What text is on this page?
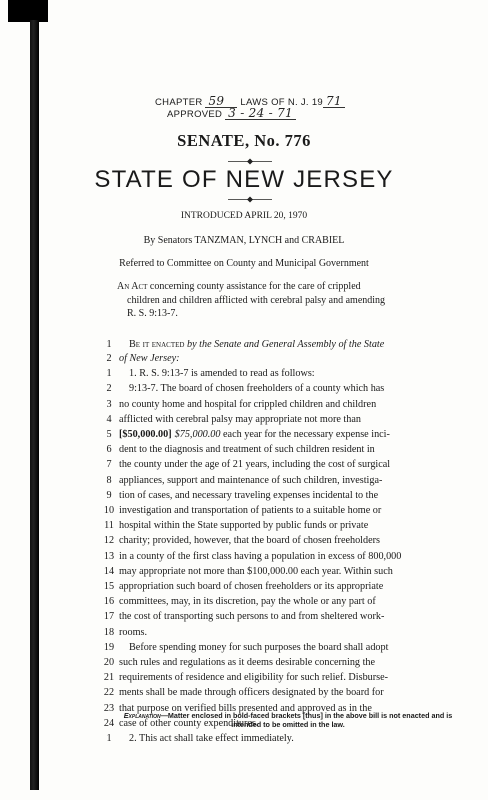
CHAPTER 59 LAWS OF N. J. 19 71
APPROVED 3 - 24 - 71
SENATE, No. 776
STATE OF NEW JERSEY
INTRODUCED APRIL 20, 1970
By Senators TANZMAN, LYNCH and CRABIEL
Referred to Committee on County and Municipal Government
An Act concerning county assistance for the care of crippled
children and children afflicted with cerebral palsy and amending
R. S. 9:13-7.
1	Be it enacted by the Senate and General Assembly of the State
2 of New Jersey:
1	1. R. S. 9:13-7 is amended to read as follows:
2	9:13-7. The board of chosen freeholders of a county which has
3 no county home and hospital for crippled children and children
4 afflicted with cerebral palsy may appropriate not more than
5 [$50,000.00] $75,000.00 each year for the necessary expense inci-
6 dent to the diagnosis and treatment of such children resident in
7 the county under the age of 21 years, including the cost of surgical
8 appliances, support and maintenance of such children, investiga-
9 tion of cases, and necessary traveling expenses incidental to the
10 investigation and transportation of patients to a suitable home or
11 hospital within the State supported by public funds or private
12 charity; provided, however, that the board of chosen freeholders
13 in a county of the first class having a population in excess of 800,000
14 may appropriate not more than $100,000.00 each year. Within such
15 appropriation such board of chosen freeholders or its appropriate
16 committees, may, in its discretion, pay the whole or any part of
17 the cost of transporting such persons to and from sheltered work-
18 rooms.
19 Before spending money for such purposes the board shall adopt
20 such rules and regulations as it deems desirable concerning the
21 requirements of residence and eligibility for such relief. Disburse-
22 ments shall be made through officers designated by the board for
23 that purpose on verified bills presented and approved as in the
24 case of other county expenditures.
1	2. This act shall take effect immediately.
Explanation—Matter enclosed in bold-faced brackets [thus] in the above bill is not enacted and is intended to be omitted in the law.
